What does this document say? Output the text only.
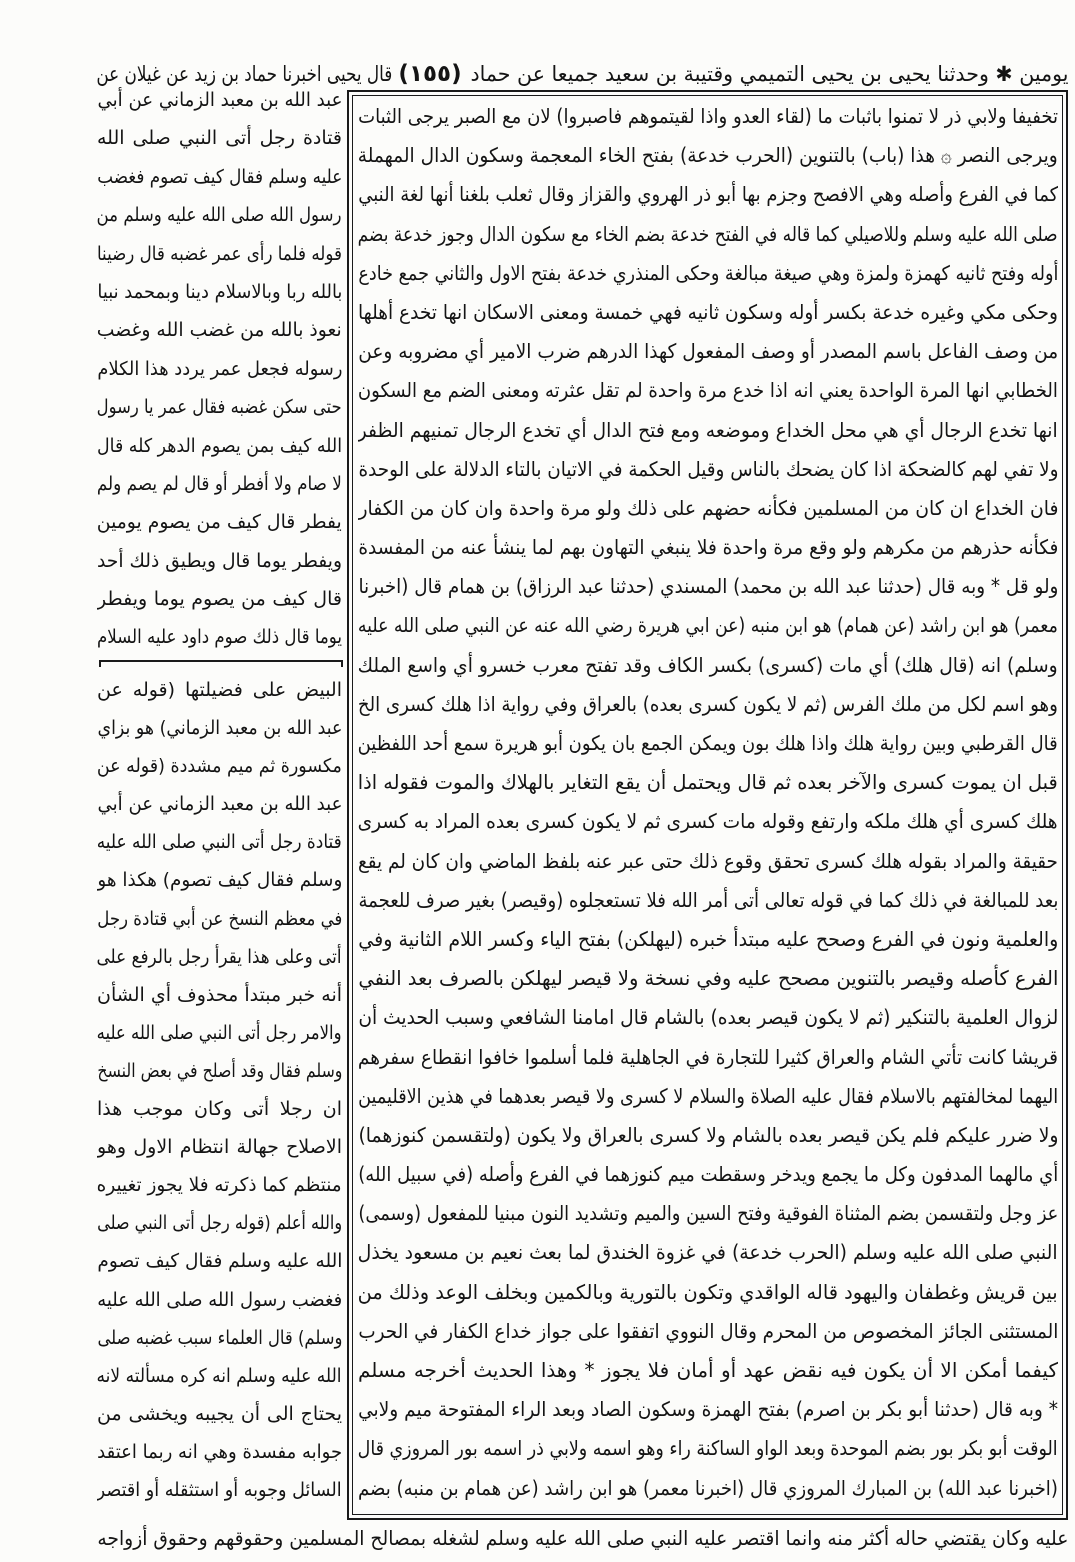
يومين ✱ وحدثنا يحيى بن يحيى التميمي وقتيبة بن سعيد جميعا عن حماد
(١٥٥)
قال يحيى اخبرنا حماد بن زيد عن غيلان عن
تخفيفا ولابي ذر لا تمنوا باثبات ما (لقاء العدو واذا لقيتموهم فاصبروا) لان مع الصبر يرجى الثبات
ويرجى النصر ۞ هذا (باب) بالتنوين (الحرب خدعة) بفتح الخاء المعجمة وسكون الدال المهملة
كما في الفرع وأصله وهي الافصح وجزم بها أبو ذر الهروي والقزاز وقال ثعلب بلغنا أنها لغة النبي
صلى الله عليه وسلم وللاصيلي كما قاله في الفتح خدعة بضم الخاء مع سكون الدال وجوز خدعة بضم
أوله وفتح ثانيه كهمزة ولمزة وهي صيغة مبالغة وحكى المنذري خدعة بفتح الاول والثاني جمع خادع
وحكى مكي وغيره خدعة بكسر أوله وسكون ثانيه فهي خمسة ومعنى الاسكان انها تخدع أهلها
من وصف الفاعل باسم المصدر أو وصف المفعول كهذا الدرهم ضرب الامير أي مضروبه وعن
الخطابي انها المرة الواحدة يعني انه اذا خدع مرة واحدة لم تقل عثرته ومعنى الضم مع السكون
انها تخدع الرجال أي هي محل الخداع وموضعه ومع فتح الدال أي تخدع الرجال تمنيهم الظفر
ولا تفي لهم كالضحكة اذا كان يضحك بالناس وقيل الحكمة في الاتيان بالتاء الدلالة على الوحدة
فان الخداع ان كان من المسلمين فكأنه حضهم على ذلك ولو مرة واحدة وان كان من الكفار
فكأنه حذرهم من مكرهم ولو وقع مرة واحدة فلا ينبغي التهاون بهم لما ينشأ عنه من المفسدة
ولو قل * وبه قال (حدثنا عبد الله بن محمد) المسندي (حدثنا عبد الرزاق) بن همام قال (اخبرنا
معمر) هو ابن راشد (عن همام) هو ابن منبه (عن ابي هريرة رضي الله عنه عن النبي صلى الله عليه
وسلم) انه (قال هلك) أي مات (كسرى) بكسر الكاف وقد تفتح معرب خسرو أي واسع الملك
وهو اسم لكل من ملك الفرس (ثم لا يكون كسرى بعده) بالعراق وفي رواية اذا هلك كسرى الخ
قال القرطبي وبين رواية هلك واذا هلك بون ويمكن الجمع بان يكون أبو هريرة سمع أحد اللفظين
قبل ان يموت كسرى والآخر بعده ثم قال ويحتمل أن يقع التغاير بالهلاك والموت فقوله اذا
هلك كسرى أي هلك ملكه وارتفع وقوله مات كسرى ثم لا يكون كسرى بعده المراد به كسرى
حقيقة والمراد بقوله هلك كسرى تحقق وقوع ذلك حتى عبر عنه بلفظ الماضي وان كان لم يقع
بعد للمبالغة في ذلك كما في قوله تعالى أتى أمر الله فلا تستعجلوه (وقيصر) بغير صرف للعجمة
والعلمية ونون في الفرع وصحح عليه مبتدأ خبره (ليهلكن) بفتح الياء وكسر اللام الثانية وفي
الفرع كأصله وقيصر بالتنوين مصحح عليه وفي نسخة ولا قيصر ليهلكن بالصرف بعد النفي
لزوال العلمية بالتنكير (ثم لا يكون قيصر بعده) بالشام قال امامنا الشافعي وسبب الحديث أن
قريشا كانت تأتي الشام والعراق كثيرا للتجارة في الجاهلية فلما أسلموا خافوا انقطاع سفرهم
اليهما لمخالفتهم بالاسلام فقال عليه الصلاة والسلام لا كسرى ولا قيصر بعدهما في هذين الاقليمين
ولا ضرر عليكم فلم يكن قيصر بعده بالشام ولا كسرى بالعراق ولا يكون (ولتقسمن كنوزهما)
أي مالهما المدفون وكل ما يجمع ويدخر وسقطت ميم كنوزهما في الفرع وأصله (في سبيل الله)
عز وجل ولتقسمن بضم المثناة الفوقية وفتح السين والميم وتشديد النون مبنيا للمفعول (وسمى)
النبي صلى الله عليه وسلم (الحرب خدعة) في غزوة الخندق لما بعث نعيم بن مسعود يخذل
بين قريش وغطفان واليهود قاله الواقدي وتكون بالتورية وبالكمين وبخلف الوعد وذلك من
المستثنى الجائز المخصوص من المحرم وقال النووي اتفقوا على جواز خداع الكفار في الحرب
كيفما أمكن الا أن يكون فيه نقض عهد أو أمان فلا يجوز * وهذا الحديث أخرجه مسلم
* وبه قال (حدثنا أبو بكر بن اصرم) بفتح الهمزة وسكون الصاد وبعد الراء المفتوحة ميم ولابي
الوقت أبو بكر بور بضم الموحدة وبعد الواو الساكنة راء وهو اسمه ولابي ذر اسمه بور المروزي قال
(اخبرنا عبد الله) بن المبارك المروزي قال (اخبرنا معمر) هو ابن راشد (عن همام بن منبه) بضم
عبد الله بن معبد الزماني عن أبي
قتادة رجل أتى النبي صلى الله
عليه وسلم فقال كيف تصوم فغضب
رسول الله صلى الله عليه وسلم من
قوله فلما رأى عمر غضبه قال رضينا
بالله ربا وبالاسلام دينا وبمحمد نبيا
نعوذ بالله من غضب الله وغضب
رسوله فجعل عمر يردد هذا الكلام
حتى سكن غضبه فقال عمر يا رسول
الله كيف بمن يصوم الدهر كله قال
لا صام ولا أفطر أو قال لم يصم ولم
يفطر قال كيف من يصوم يومين
ويفطر يوما قال ويطيق ذلك أحد
قال كيف من يصوم يوما ويفطر
يوما قال ذلك صوم داود عليه السلام
البيض على فضيلتها (قوله عن
عبد الله بن معبد الزماني) هو بزاي
مكسورة ثم ميم مشددة (قوله عن
عبد الله بن معبد الزماني عن أبي
قتادة رجل أتى النبي صلى الله عليه
وسلم فقال كيف تصوم) هكذا هو
في معظم النسخ عن أبي قتادة رجل
أتى وعلى هذا يقرأ رجل بالرفع على
أنه خبر مبتدأ محذوف أي الشأن
والامر رجل أتى النبي صلى الله عليه
وسلم فقال وقد أصلح في بعض النسخ
ان رجلا أتى وكان موجب هذا
الاصلاح جهالة انتظام الاول وهو
منتظم كما ذكرته فلا يجوز تغييره
والله أعلم (قوله رجل أتى النبي صلى
الله عليه وسلم فقال كيف تصوم
فغضب رسول الله صلى الله عليه
وسلم) قال العلماء سبب غضبه صلى
الله عليه وسلم انه كره مسألته لانه
يحتاج الى أن يجيبه ويخشى من
جوابه مفسدة وهي انه ربما اعتقد
السائل وجوبه أو استثقله أو اقتصر
عليه وكان يقتضي حاله أكثر منه وانما اقتصر عليه النبي صلى الله عليه وسلم لشغله بمصالح المسلمين وحقوقهم وحقوق أزواجه
